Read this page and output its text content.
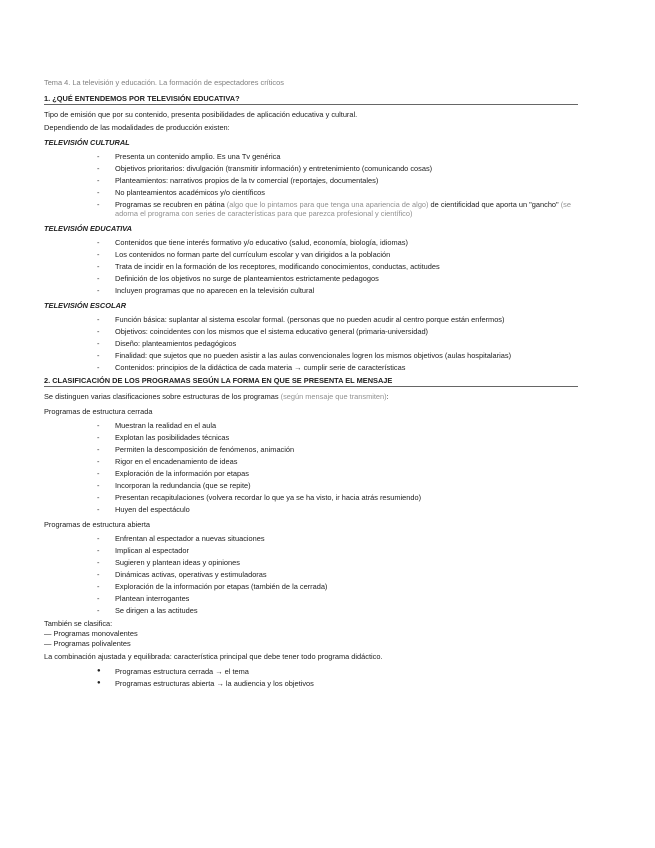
Tema 4. La televisión y educación. La formación de espectadores críticos
1. ¿QUÉ ENTENDEMOS POR TELEVISIÓN EDUCATIVA?
Tipo de emisión que por su contenido, presenta posibilidades de aplicación educativa y cultural.
Dependiendo de las modalidades de producción existen:
TELEVISIÓN CULTURAL
- Presenta un contenido amplio. Es una Tv genérica
- Objetivos prioritarios: divulgación (transmitir información) y entretenimiento (comunicando cosas)
- Planteamientos: narrativos propios de la tv comercial (reportajes, documentales)
- No planteamientos académicos y/o científicos
- Programas se recubren en pátina (algo que lo pintamos para que tenga una apariencia de algo) de cientificidad que aporta un "gancho" (se adorna el programa con series de características para que parezca profesional y científico)
TELEVISIÓN EDUCATIVA
- Contenidos que tiene interés formativo y/o educativo (salud, economía, biología, idiomas)
- Los contenidos no forman parte del currículum escolar y van dirigidos a la población
- Trata de incidir en la formación de los receptores, modificando conocimientos, conductas, actitudes
- Definición de los objetivos no surge de planteamientos estrictamente pedagogos
- Incluyen programas que no aparecen en la televisión cultural
TELEVISIÓN ESCOLAR
- Función básica: suplantar al sistema escolar formal. (personas que no pueden acudir al centro porque están enfermos)
- Objetivos: coincidentes con los mismos que el sistema educativo general (primaria-universidad)
- Diseño: planteamientos pedagógicos
- Finalidad: que sujetos que no pueden asistir a las aulas convencionales logren los mismos objetivos (aulas hospitalarias)
- Contenidos: principios de la didáctica de cada materia → cumplir serie de características
2. CLASIFICACIÓN DE LOS PROGRAMAS SEGÚN LA FORMA EN QUE SE PRESENTA EL MENSAJE
Se distinguen varias clasificaciones sobre estructuras de los programas (según mensaje que transmiten):
Programas de estructura cerrada
- Muestran la realidad en el aula
- Explotan las posibilidades técnicas
- Permiten la descomposición de fenómenos, animación
- Rigor en el encadenamiento de ideas
- Exploración de la información por etapas
- Incorporan la redundancia (que se repite)
- Presentan recapitulaciones (volvera recordar lo que ya se ha visto, ir hacia atrás resumiendo)
- Huyen del espectáculo
Programas de estructura abierta
- Enfrentan al espectador a nuevas situaciones
- Implican al espectador
- Sugieren y plantean ideas y opiniones
- Dinámicas activas, operativas y estimuladoras
- Exploración de la información por etapas (también de la cerrada)
- Plantean interrogantes
- Se dirigen a las actitudes
También se clasifica:
— Programas monovalentes
— Programas polivalentes
La combinación ajustada y equilibrada: característica principal que debe tener todo programa didáctico.
● Programas estructura cerrada → el tema
● Programas estructuras abierta → la audiencia y los objetivos
